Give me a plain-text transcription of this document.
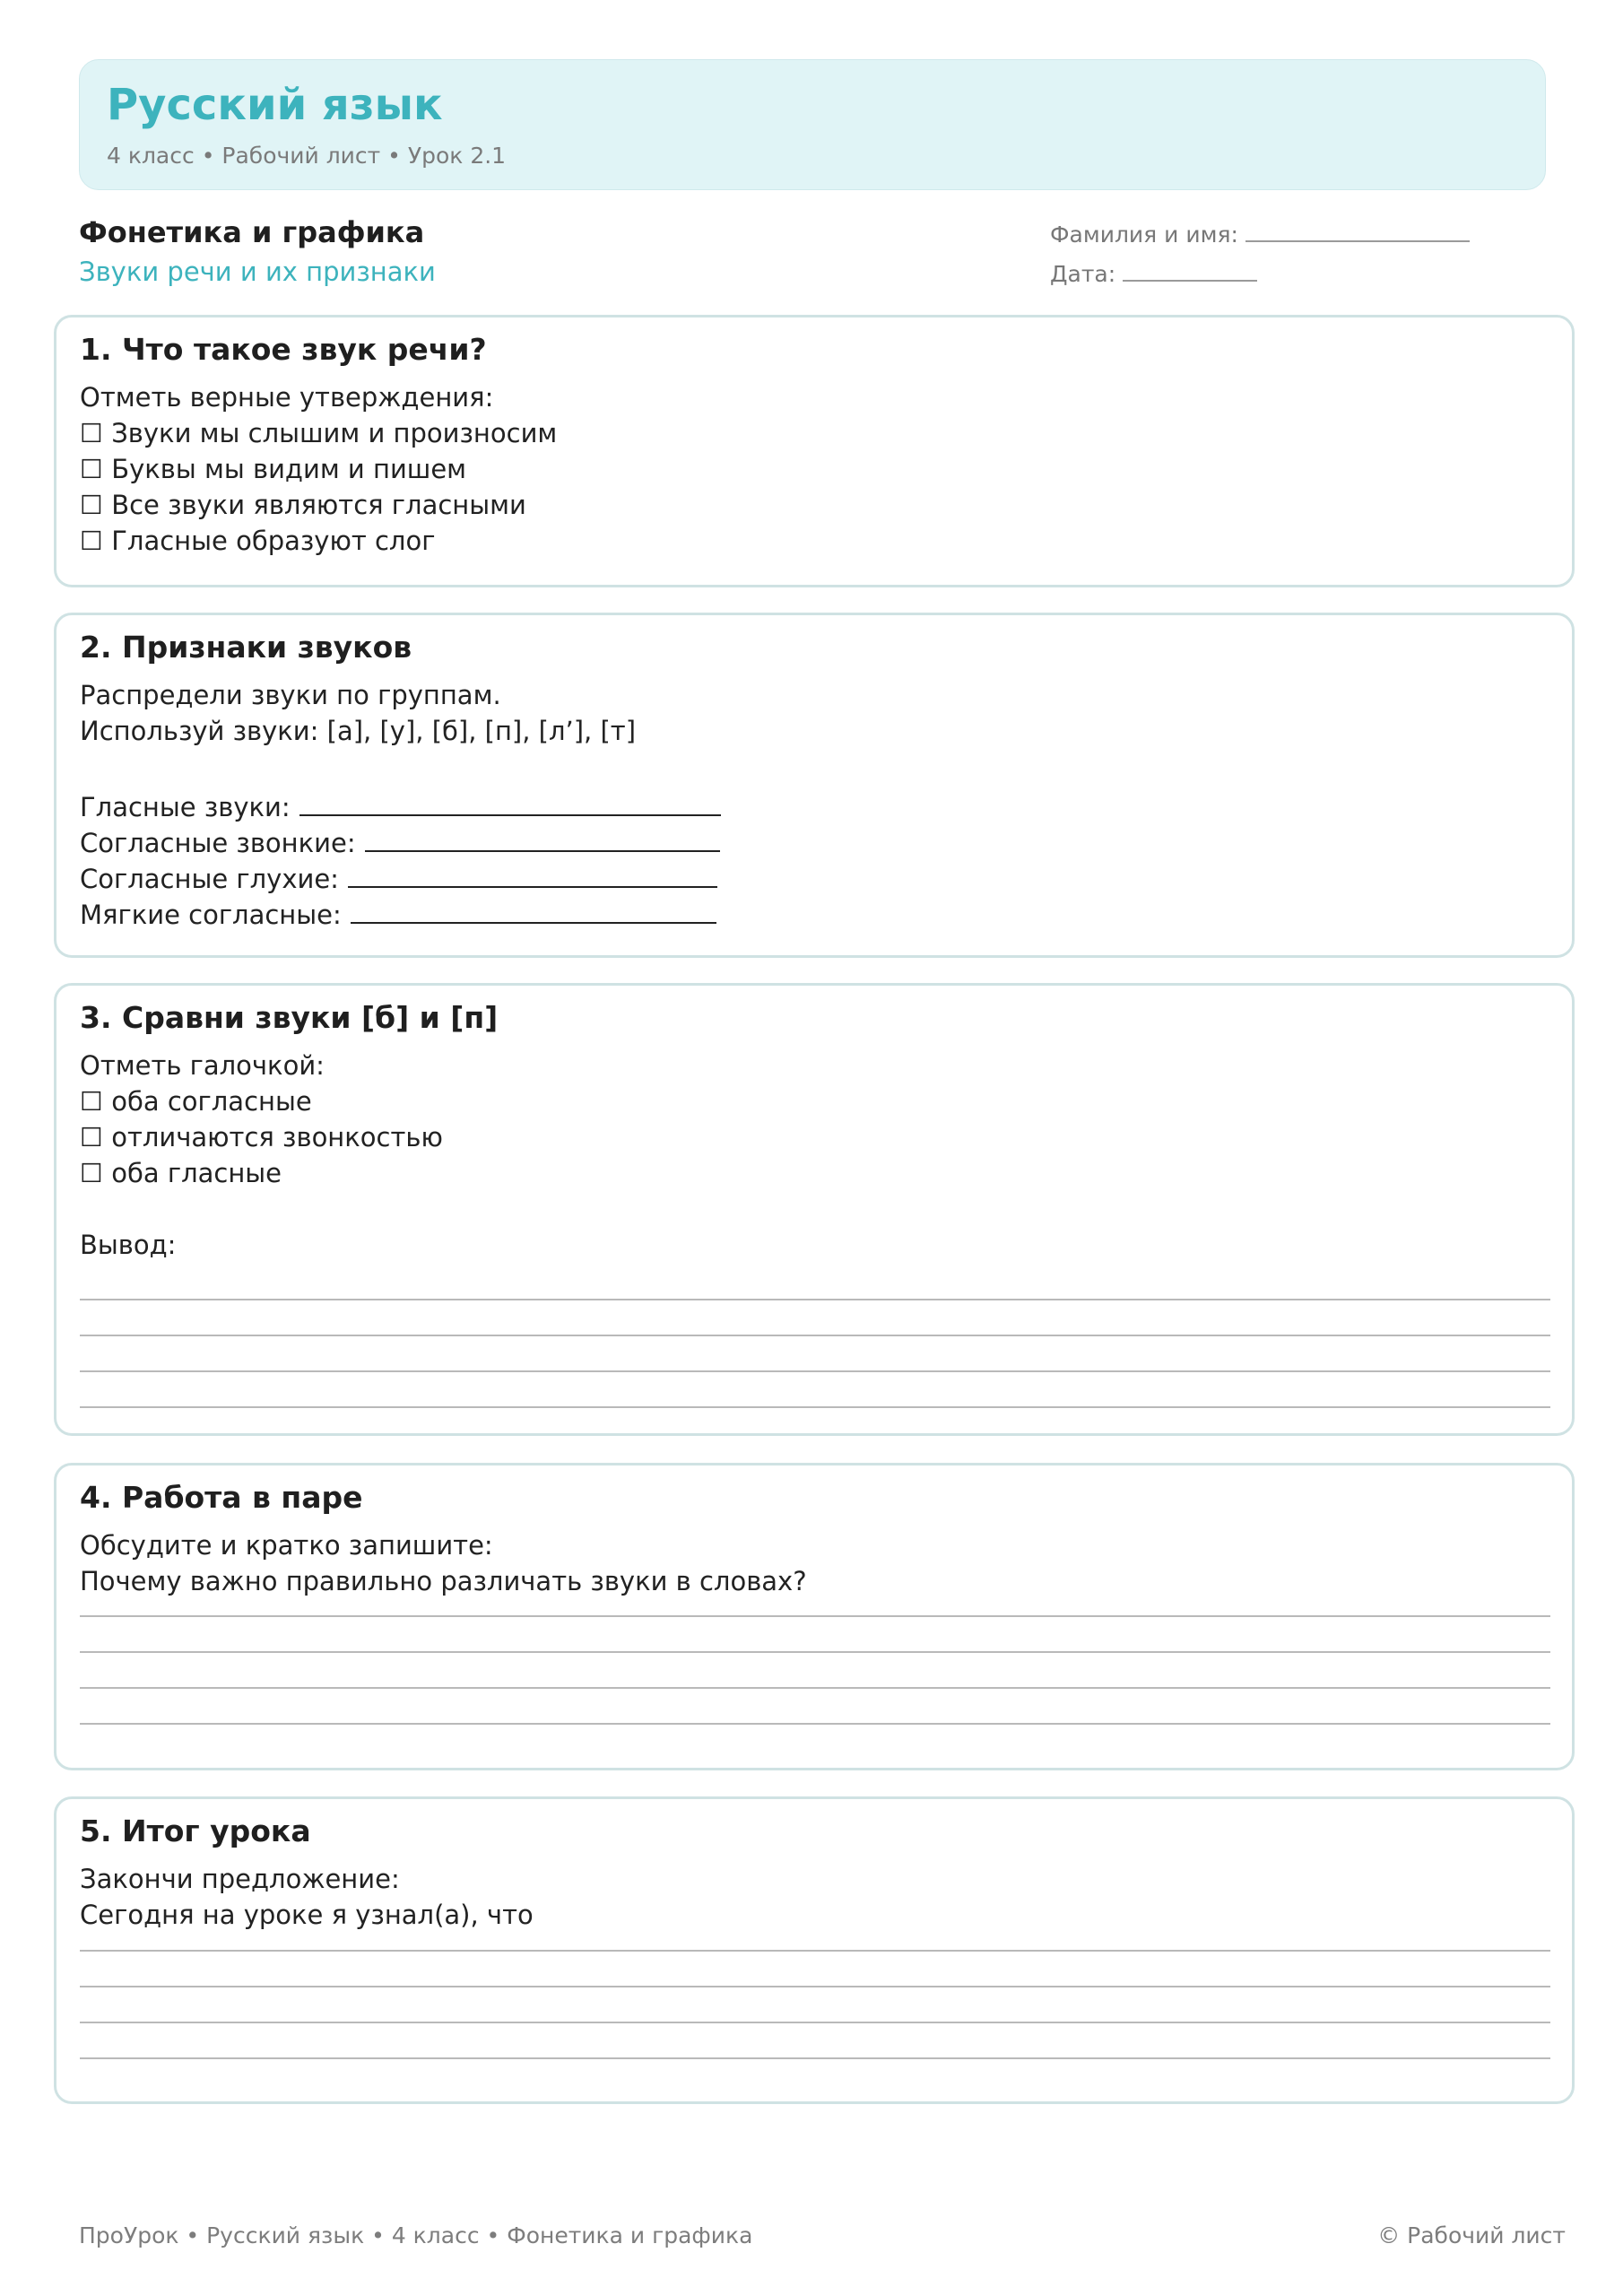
Русский язык
4 класс • Рабочий лист • Урок 2.1
Фонетика и графика
Звуки речи и их признаки
Фамилия и имя:
Дата:
1. Что такое звук речи?
Отметь верные утверждения:
☐ Звуки мы слышим и произносим
☐ Буквы мы видим и пишем
☐ Все звуки являются гласными
☐ Гласные образуют слог
2. Признаки звуков
Распредели звуки по группам.
Используй звуки: [а], [у], [б], [п], [л’], [т]
Гласные звуки:
Согласные звонкие:
Согласные глухие:
Мягкие согласные:
3. Сравни звуки [б] и [п]
Отметь галочкой:
☐ оба согласные
☐ отличаются звонкостью
☐ оба гласные
Вывод:
4. Работа в паре
Обсудите и кратко запишите:
Почему важно правильно различать звуки в словах?
5. Итог урока
Закончи предложение:
Сегодня на уроке я узнал(а), что
ПроУрок • Русский язык • 4 класс • Фонетика и графика	© Рабочий лист
